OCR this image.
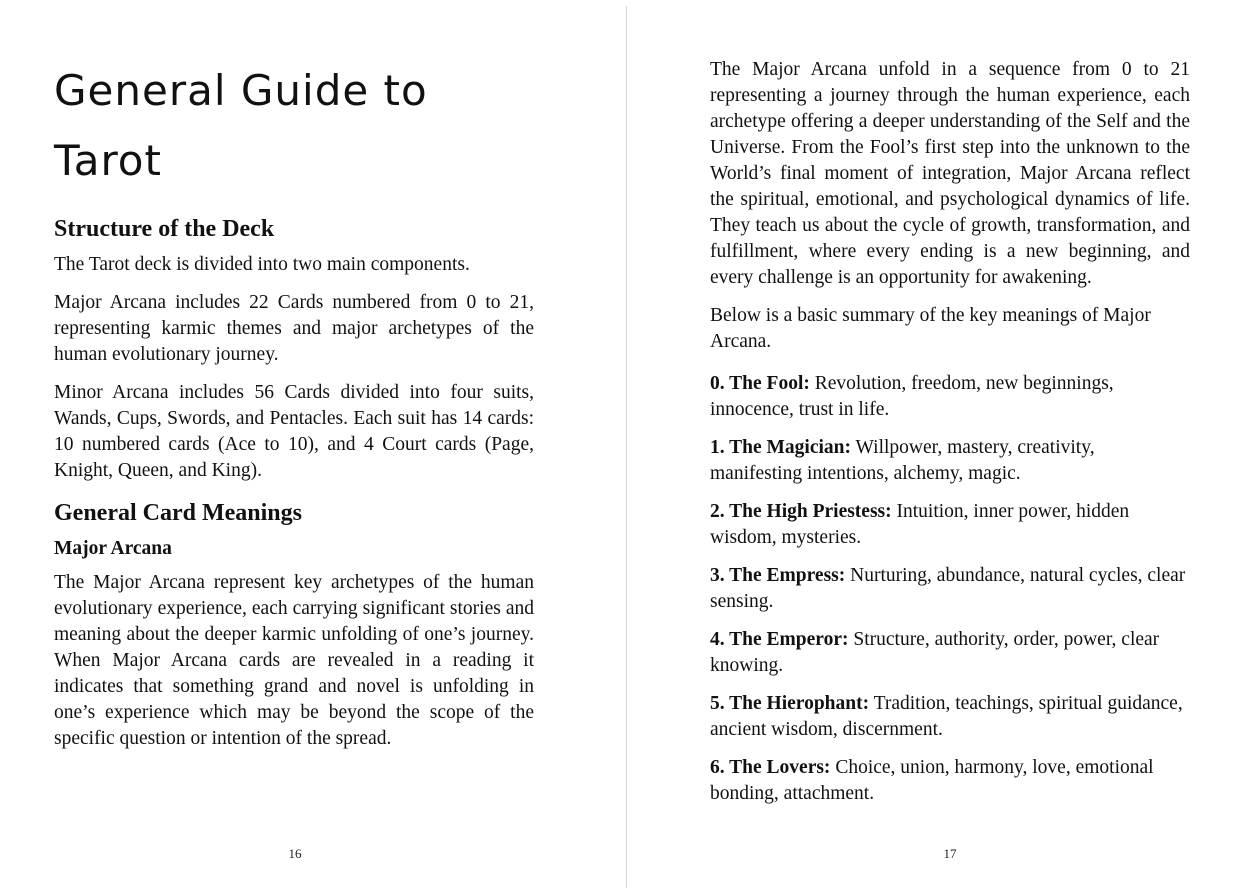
General Guide to
Tarot
Structure of the Deck

The Tarot deck is divided into two main components.

Major Arcana includes 22 Cards numbered from 0 to 21, representing karmic themes and major archetypes of the human evolutionary journey.

Minor Arcana includes 56 Cards divided into four suits, Wands, Cups, Swords, and Pentacles. Each suit has 14 cards: 10 numbered cards (Ace to 10), and 4 Court cards (Page, Knight, Queen, and King).

General Card Meanings
Major Arcana

The Major Arcana represent key archetypes of the human evolutionary experience, each carrying significant stories and meaning about the deeper karmic unfolding of one’s journey. When Major Arcana cards are revealed in a reading it indicates that something grand and novel is unfolding in one’s experience which may be beyond the scope of the specific question or intention of the spread.

16

The Major Arcana unfold in a sequence from 0 to 21 representing a journey through the human experience, each archetype offering a deeper understanding of the Self and the Universe. From the Fool’s first step into the unknown to the World’s final moment of integration, Major Arcana reflect the spiritual, emotional, and psychological dynamics of life. They teach us about the cycle of growth, transformation, and fulfillment, where every ending is a new beginning, and every challenge is an opportunity for awakening.

Below is a basic summary of the key meanings of Major Arcana.

0. The Fool: Revolution, freedom, new beginnings, innocence, trust in life.

1. The Magician: Willpower, mastery, creativity, manifesting intentions, alchemy, magic.

2. The High Priestess: Intuition, inner power, hidden wisdom, mysteries.

3. The Empress: Nurturing, abundance, natural cycles, clear sensing.

4. The Emperor: Structure, authority, order, power, clear knowing.

5. The Hierophant: Tradition, teachings, spiritual guidance, ancient wisdom, discernment.

6. The Lovers: Choice, union, harmony, love, emotional bonding, attachment.

17
